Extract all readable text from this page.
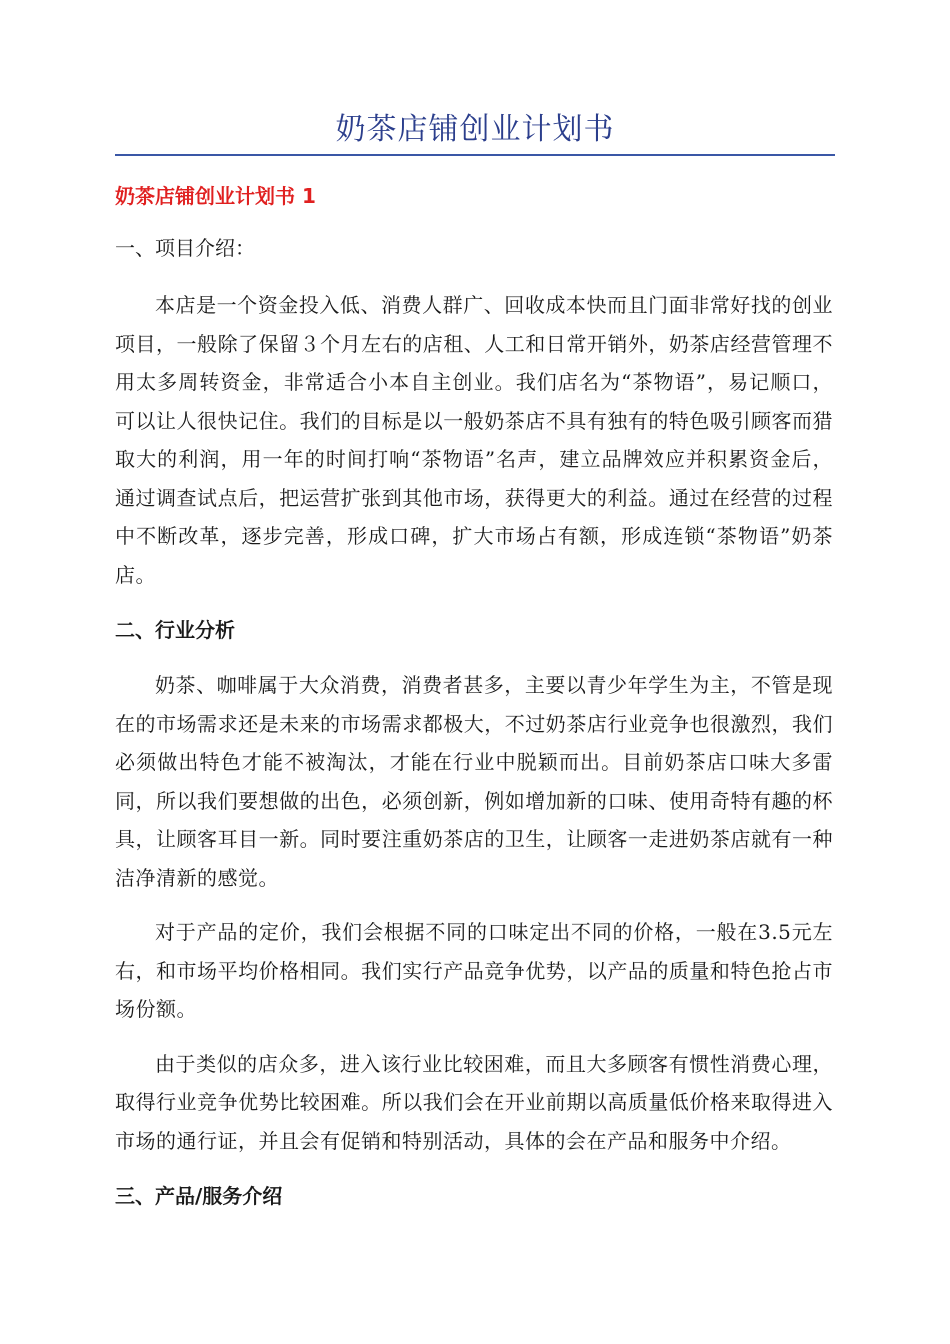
奶茶店铺创业计划书
奶茶店铺创业计划书 1
一、项目介绍：

本店是一个资金投入低、消费人群广、回收成本快而且门面非常好找的创业项目，一般除了保留３个月左右的店租、人工和日常开销外，奶茶店经营管理不用太多周转资金，非常适合小本自主创业。我们店名为“茶物语”，易记顺口，可以让人很快记住。我们的目标是以一般奶茶店不具有独有的特色吸引顾客而猎取大的利润，用一年的时间打响“茶物语”名声，建立品牌效应并积累资金后，通过调查试点后，把运营扩张到其他市场，获得更大的利益。通过在经营的过程中不断改革，逐步完善，形成口碑，扩大市场占有额，形成连锁“茶物语”奶茶店。

二、行业分析

奶茶、咖啡属于大众消费，消费者甚多，主要以青少年学生为主，不管是现在的市场需求还是未来的市场需求都极大，不过奶茶店行业竞争也很激烈，我们必须做出特色才能不被淘汰，才能在行业中脱颖而出。目前奶茶店口味大多雷同，所以我们要想做的出色，必须创新，例如增加新的口味、使用奇特有趣的杯具，让顾客耳目一新。同时要注重奶茶店的卫生，让顾客一走进奶茶店就有一种洁净清新的感觉。

对于产品的定价，我们会根据不同的口味定出不同的价格，一般在3.5元左右，和市场平均价格相同。我们实行产品竞争优势，以产品的质量和特色抢占市场份额。

由于类似的店众多，进入该行业比较困难，而且大多顾客有惯性消费心理，取得行业竞争优势比较困难。所以我们会在开业前期以高质量低价格来取得进入市场的通行证，并且会有促销和特别活动，具体的会在产品和服务中介绍。

三、产品/服务介绍
